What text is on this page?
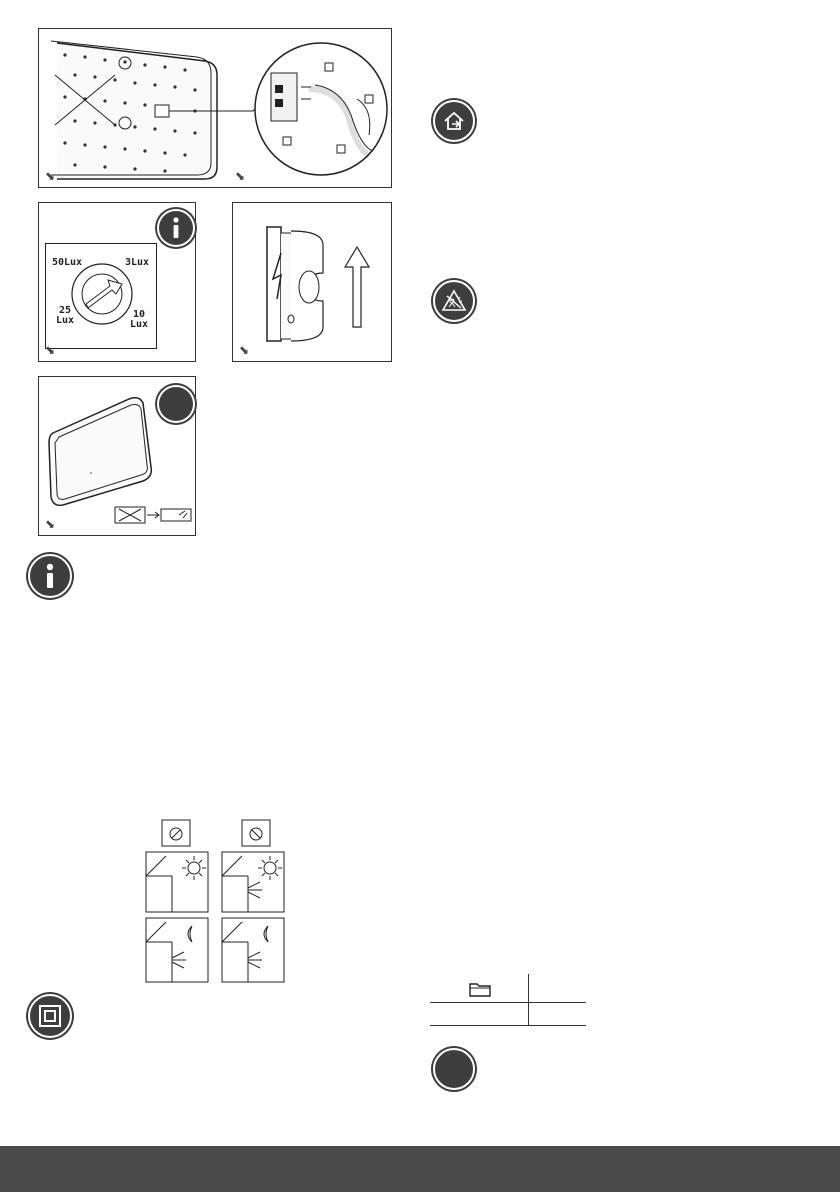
⬊	⬊
50Lux	3Lux
25
Lux
10
Lux
⬊	⬊
⬊
